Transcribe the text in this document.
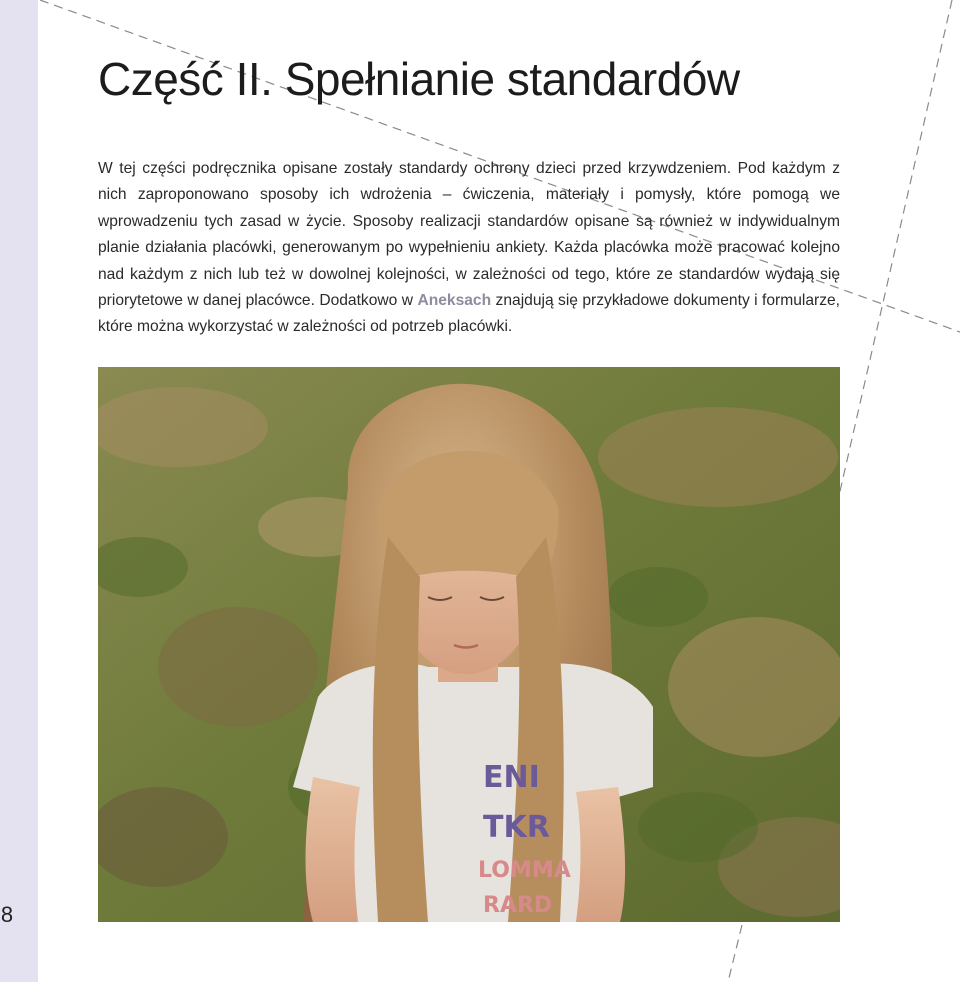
Część II. Spełnianie standardów

W tej części podręcznika opisane zostały standardy ochrony dzieci przed krzywdzeniem. Pod każdym z nich zaproponowano sposoby ich wdrożenia – ćwiczenia, materiały i pomysły, które pomogą we wprowadzeniu tych zasad w życie. Sposoby realizacji standardów opisane są również w indywidualnym planie działania placówki, generowanym po wypełnieniu ankiety. Każda placówka może pracować kolejno nad każdym z nich lub też w dowolnej kolejności, w zależności od tego, które ze standardów wydają się priorytetowe w danej placówce. Dodatkowo w Aneksach znajdują się przykładowe dokumenty i formularze, które można wykorzystać w zależności od potrzeb placówki.

ENI
TKR
LOMMA
RARD
8
